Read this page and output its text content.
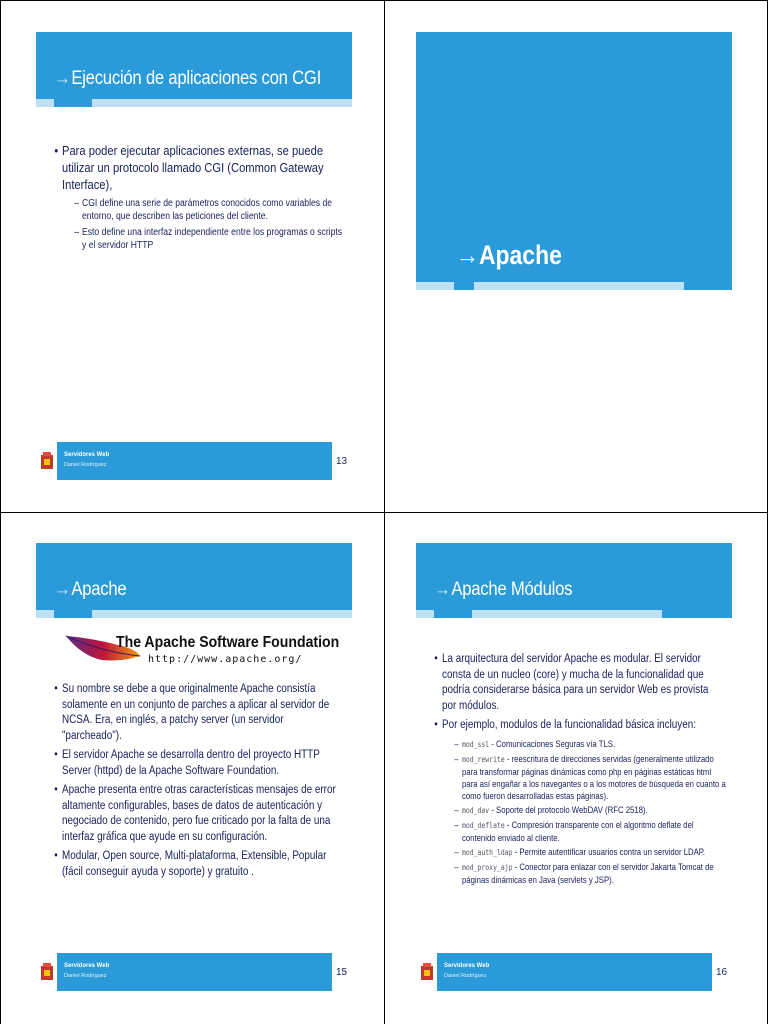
→Ejecución de aplicaciones con CGI
• Para poder ejecutar aplicaciones externas, se puede utilizar un protocolo llamado CGI (Common Gateway Interface),
– CGI define una serie de parámetros conocidos como variables de entorno, que describen las peticiones del cliente.
– Esto define una interfaz independiente entre los programas o scripts y el servidor HTTP
Servidores Web
Daniel Rodríguez	13
→Apache
→Apache
The Apache Software Foundation
http://www.apache.org/
• Su nombre se debe a que originalmente Apache consistía solamente en un conjunto de parches a aplicar al servidor de NCSA. Era, en inglés, a patchy server (un servidor "parcheado").
• El servidor Apache se desarrolla dentro del proyecto HTTP Server (httpd) de la Apache Software Foundation.
• Apache presenta entre otras características mensajes de error altamente configurables, bases de datos de autenticación y negociado de contenido, pero fue criticado por la falta de una interfaz gráfica que ayude en su configuración.
• Modular, Open source, Multi-plataforma, Extensible, Popular (fácil conseguir ayuda y soporte) y gratuito .
Servidores Web
Daniel Rodríguez	15
→Apache Módulos
• La arquitectura del servidor Apache es modular. El servidor consta de un nucleo (core) y mucha de la funcionalidad que podría considerarse básica para un servidor Web es provista por módulos.
• Por ejemplo, modulos de la funcionalidad básica incluyen:
– mod_ssl - Comunicaciones Seguras vía TLS.
– mod_rewrite - reescritura de direcciones servidas (generalmente utilizado para transformar páginas dinámicas como php en páginas estáticas html para así engañar a los navegantes o a los motores de búsqueda en cuanto a como fueron desarrolladas estas páginas).
– mod_dav - Soporte del protocolo WebDAV (RFC 2518).
– mod_deflate - Compresión transparente con el algoritmo deflate del contenido enviado al cliente.
– mod_auth_ldap - Permite autentificar usuarios contra un servidor LDAP.
– mod_proxy_ajp - Conector para enlazar con el servidor Jakarta Tomcat de páginas dinámicas en Java (servlets y JSP).
Servidores Web
Daniel Rodríguez	16
